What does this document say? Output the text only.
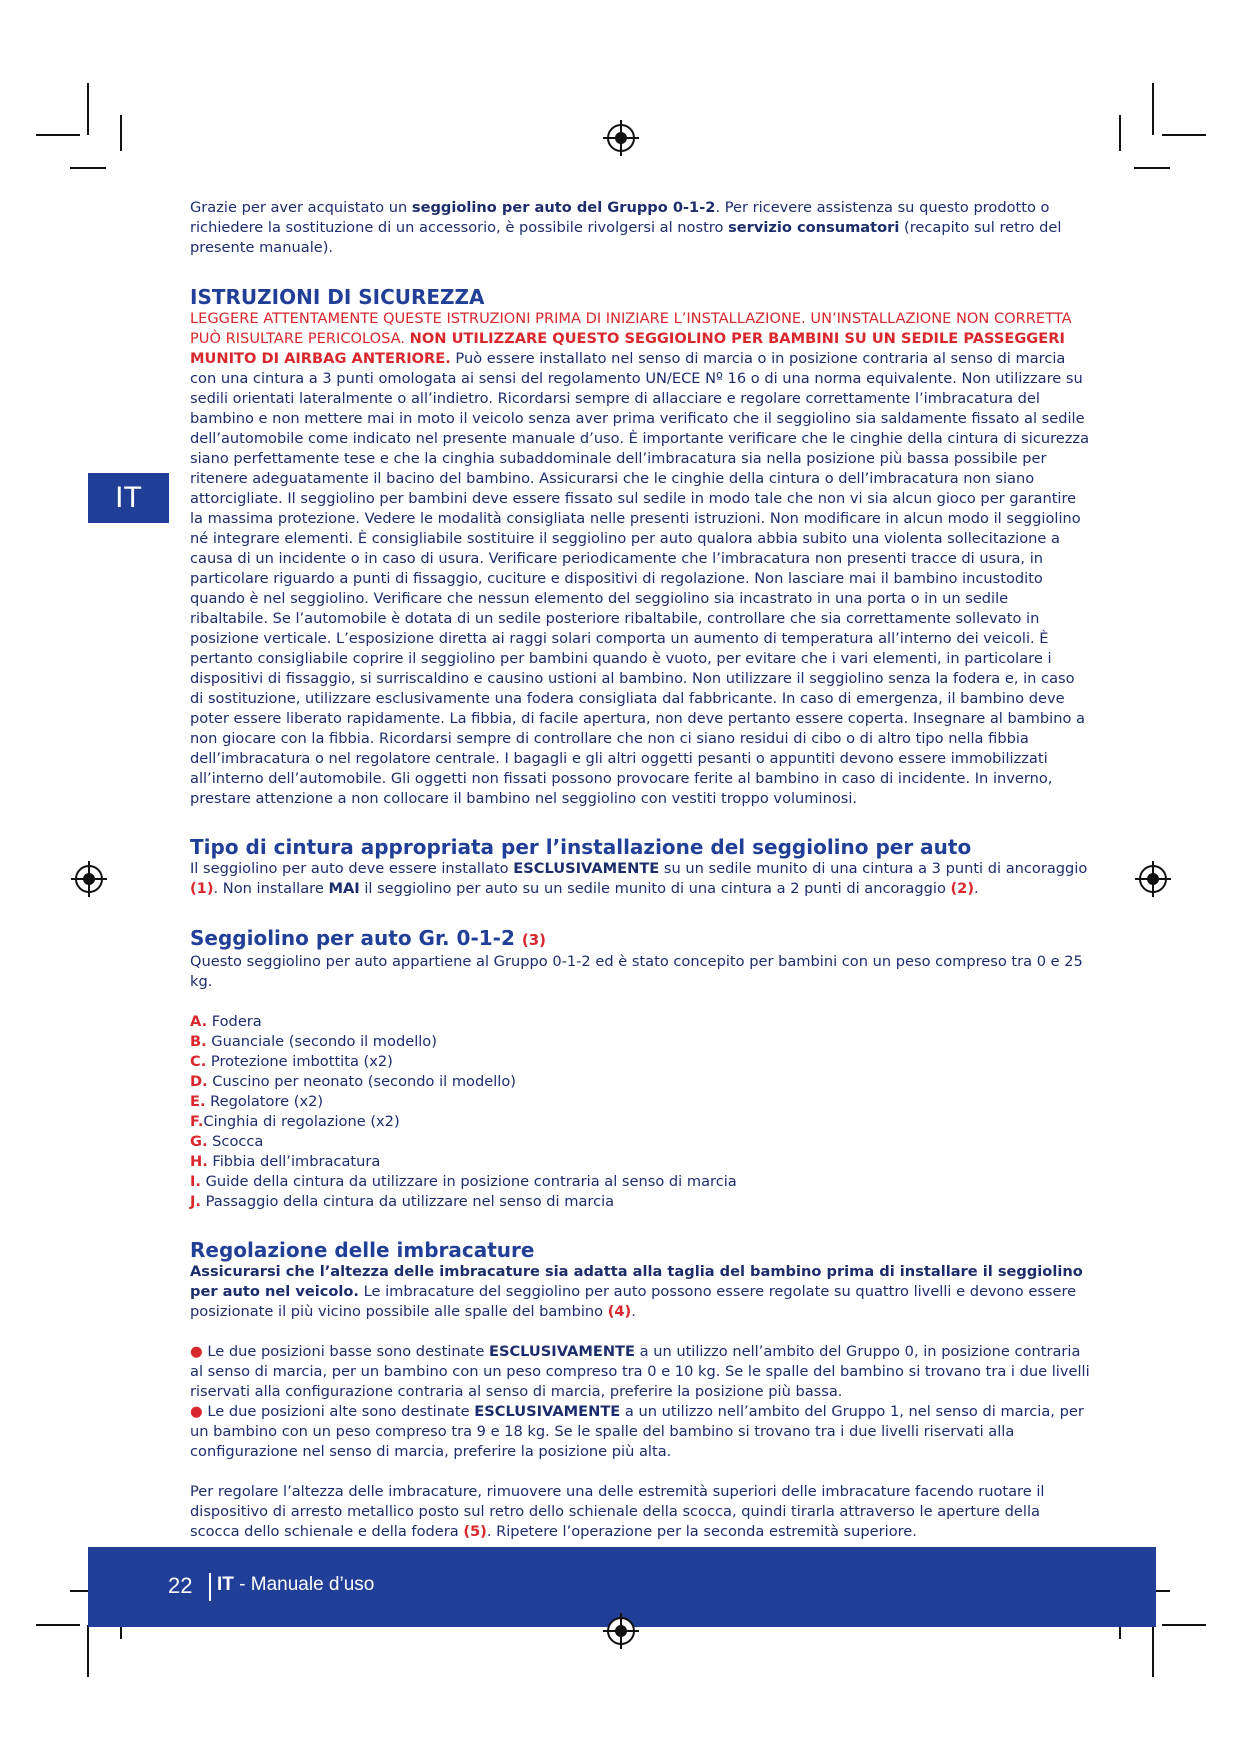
IT

Grazie per aver acquistato un seggiolino per auto del Gruppo 0-1-2. Per ricevere assistenza su questo prodotto o richiedere la sostituzione di un accessorio, è possibile rivolgersi al nostro servizio consumatori (recapito sul retro del presente manuale).

ISTRUZIONI DI SICUREZZA

LEGGERE ATTENTAMENTE QUESTE ISTRUZIONI PRIMA DI INIZIARE L’INSTALLAZIONE. UN’INSTALLAZIONE NON CORRETTA PUÒ RISULTARE PERICOLOSA. NON UTILIZZARE QUESTO SEGGIOLINO PER BAMBINI SU UN SEDILE PASSEGGERI MUNITO DI AIRBAG ANTERIORE. Può essere installato nel senso di marcia o in posizione contraria al senso di marcia con una cintura a 3 punti omologata ai sensi del regolamento UN/ECE Nº 16 o di una norma equivalente. Non utilizzare su sedili orientati lateralmente o all’indietro. Ricordarsi sempre di allacciare e regolare correttamente l’imbracatura del bambino e non mettere mai in moto il veicolo senza aver prima verificato che il seggiolino sia saldamente fissato al sedile dell’automobile come indicato nel presente manuale d’uso. È importante verificare che le cinghie della cintura di sicurezza siano perfettamente tese e che la cinghia subaddominale dell’imbracatura sia nella posizione più bassa possibile per ritenere adeguatamente il bacino del bambino. Assicurarsi che le cinghie della cintura o dell’imbracatura non siano attorcigliate. Il seggiolino per bambini deve essere fissato sul sedile in modo tale che non vi sia alcun gioco per garantire la massima protezione. Vedere le modalità consigliata nelle presenti istruzioni. Non modificare in alcun modo il seggiolino né integrare elementi. È consigliabile sostituire il seggiolino per auto qualora abbia subito una violenta sollecitazione a causa di un incidente o in caso di usura. Verificare periodicamente che l’imbracatura non presenti tracce di usura, in particolare riguardo a punti di fissaggio, cuciture e dispositivi di regolazione. Non lasciare mai il bambino incustodito quando è nel seggiolino. Verificare che nessun elemento del seggiolino sia incastrato in una porta o in un sedile ribaltabile. Se l’automobile è dotata di un sedile posteriore ribaltabile, controllare che sia correttamente sollevato in posizione verticale. L’esposizione diretta ai raggi solari comporta un aumento di temperatura all’interno dei veicoli. È pertanto consigliabile coprire il seggiolino per bambini quando è vuoto, per evitare che i vari elementi, in particolare i dispositivi di fissaggio, si surriscaldino e causino ustioni al bambino. Non utilizzare il seggiolino senza la fodera e, in caso di sostituzione, utilizzare esclusivamente una fodera consigliata dal fabbricante. In caso di emergenza, il bambino deve poter essere liberato rapidamente. La fibbia, di facile apertura, non deve pertanto essere coperta. Insegnare al bambino a non giocare con la fibbia. Ricordarsi sempre di controllare che non ci siano residui di cibo o di altro tipo nella fibbia dell’imbracatura o nel regolatore centrale. I bagagli e gli altri oggetti pesanti o appuntiti devono essere immobilizzati all’interno dell’automobile. Gli oggetti non fissati possono provocare ferite al bambino in caso di incidente. In inverno, prestare attenzione a non collocare il bambino nel seggiolino con vestiti troppo voluminosi.

Tipo di cintura appropriata per l’installazione del seggiolino per auto

Il seggiolino per auto deve essere installato ESCLUSIVAMENTE su un sedile munito di una cintura a 3 punti di ancoraggio (1). Non installare MAI il seggiolino per auto su un sedile munito di una cintura a 2 punti di ancoraggio (2).

Seggiolino per auto Gr. 0-1-2 (3)

Questo seggiolino per auto appartiene al Gruppo 0-1-2 ed è stato concepito per bambini con un peso compreso tra 0 e 25 kg.

A. Fodera
B. Guanciale (secondo il modello)
C. Protezione imbottita (x2)
D. Cuscino per neonato (secondo il modello)
E. Regolatore (x2)
F.Cinghia di regolazione (x2)
G. Scocca
H. Fibbia dell’imbracatura
I. Guide della cintura da utilizzare in posizione contraria al senso di marcia
J. Passaggio della cintura da utilizzare nel senso di marcia
Regolazione delle imbracature

Assicurarsi che l’altezza delle imbracature sia adatta alla taglia del bambino prima di installare il seggiolino per auto nel veicolo. Le imbracature del seggiolino per auto possono essere regolate su quattro livelli e devono essere posizionate il più vicino possibile alle spalle del bambino (4).

● Le due posizioni basse sono destinate ESCLUSIVAMENTE a un utilizzo nell’ambito del Gruppo 0, in posizione contraria al senso di marcia, per un bambino con un peso compreso tra 0 e 10 kg. Se le spalle del bambino si trovano tra i due livelli riservati alla configurazione contraria al senso di marcia, preferire la posizione più bassa.

● Le due posizioni alte sono destinate ESCLUSIVAMENTE a un utilizzo nell’ambito del Gruppo 1, nel senso di marcia, per un bambino con un peso compreso tra 9 e 18 kg. Se le spalle del bambino si trovano tra i due livelli riservati alla configurazione nel senso di marcia, preferire la posizione più alta.

Per regolare l’altezza delle imbracature, rimuovere una delle estremità superiori delle imbracature facendo ruotare il dispositivo di arresto metallico posto sul retro dello schienale della scocca, quindi tirarla attraverso le aperture della scocca dello schienale e della fodera (5). Ripetere l’operazione per la seconda estremità superiore.

22 IT - Manuale d’uso
